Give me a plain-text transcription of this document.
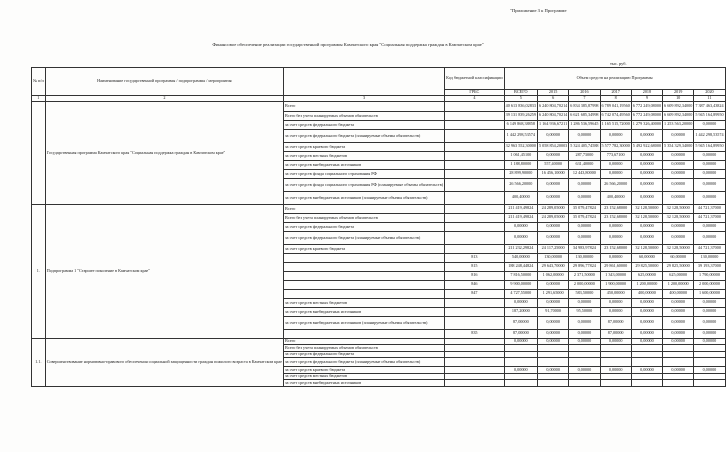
"Приложение 3 к Программе
Финансовое обеспечение реализации государственной программы Камчатского края "Социальная поддержка граждан в Камчатском крае"
тыс. руб.
№ п/п	Наименование государственной программы / подпрограммы / мероприятия		Код бюджетной классификации	Объем средств на реализацию Программы						
			ГРБС	ВСЕГО	2015	2016	2017	2018	2019	2020
1	2	3	4	5	6	7	8	9	10	11
	Государственная программа Камчатского края "Социальная поддержка граждан в Камчатском крае"	Всего		40 613 836,02833	6 240 804,70214	6 834 385,87998	6 789 041,19560	6 772 249,08000	6 609 892,34000	7 387 463,43824
		Всего без учета планируемых объемов обязательств		39 131 839,26259	6 240 804,70214	6 621 685,34998	6 742 074,49560	6 772 249,08000	6 609 892,34000	5 945 164,89950
		за счет средств федерального бюджета		6 149 868,38858	1 164 936,67211	1 286 536,59645	1 165 515,72000	1 279 326,40000	1 253 563,20000	0,00000
		за счет средств федерального бюджета (планируемые объемы обязательств)		1 442 298,53574	0,00000	0,00000	0,00000	0,00000	0,00000	1 442 298,53574
		за счет средств краевого бюджета		32 963 552,30000	5 058 854,20003	5 324 405,74588	5 577 782,30000	5 492 922,68000	5 354 329,34000	5 945 164,89950
		за счет средств местных бюджетов		1 061,45100	0,00000	287,73000	773,67100	0,00000	0,00000	0,00000
		за счет средств внебюджетных источников		1 188,80000	557,40000	631,40000	0,00000	0,00000	0,00000	0,00000
		за счет средств фонда социального страхования РФ		28 899,90000	16 456,10000	12 443,80000	0,00000	0,00000	0,00000	0,00000
		за счет средств фонда социального страхования РФ (планируемые объемы обязательств)		26 566,20000	0,00000	0,00000	26 566,20000	0,00000	0,00000	0,00000
		за счет средств внебюджетных источников (планируемые объемы обязательств)		400,40000	0,00000	0,00000	400,40000	0,00000	0,00000	0,00000
1.	Подпрограмма 1 "Старшее поколение в Камчатском крае"	Всего		211 419,49824	24 289,05000	35 079,47824	23 152,68000	32 128,50000	32 128,50000	44 721,37000
		Всего без учета планируемых объемов обязательств		211 419,49824	24 289,05000	35 079,47824	23 152,68000	32 128,50000	32 128,50000	44 721,37000
		за счет средств федерального бюджета		0,00000	0,00000	0,00000	0,00000	0,00000	0,00000	0,00000
		за счет средств федерального бюджета (планируемые объемы обязательств)		0,00000	0,00000	0,00000	0,00000	0,00000	0,00000	0,00000
		за счет средств краевого бюджета		211 232,29824	24 117,25000	34 983,97824	23 152,68000	32 128,50000	32 128,50000	44 721,37000
			813	540,00000	130,00000	130,00000	0,00000	60,00000	60,00000	130,00000
			815	188 248,44824	29 643,70000	29 896,77824	29 861,60000	29 825,50000	29 825,50000	39 193,37000
			816	7 816,50000	1 062,00000	2 371,50000	1 343,00000	625,00000	625,00000	1 790,00000
			846	9 900,00000	0,00000	2 000,00000	1 900,00000	1 200,00000	1 200,00000	2 000,00000
			847	4 727,55000	1 291,65000	583,50000	450,00000	400,00000	400,00000	1 600,00000
		за счет средств местных бюджетов		0,00000	0,00000	0,00000	0,00000	0,00000	0,00000	0,00000
		за счет средств внебюджетных источников		187,20000	91,70000	95,50000	0,00000	0,00000	0,00000	0,00000
		за счет средств внебюджетных источников (планируемые объемы обязательств)		87,00000	0,00000	0,00000	87,00000	0,00000	0,00000	0,00000
			835	87,00000	0,00000	0,00000	87,00000	0,00000	0,00000	0,00000
1.1.	Совершенствование нормативно-правового обеспечения социальной защищенности граждан пожилого возраста в Камчатском крае	Всего		0,00000	0,00000	0,00000	0,00000	0,00000	0,00000	0,00000
		Всего без учета планируемых объемов обязательств								
		за счет средств федерального бюджета								
		за счет средств федерального бюджета (планируемые объемы обязательств)								
		за счет средств краевого бюджета		0,00000	0,00000	0,00000	0,00000	0,00000	0,00000	0,00000
		за счет средств местных бюджетов								
		за счет средств внебюджетных источников								
